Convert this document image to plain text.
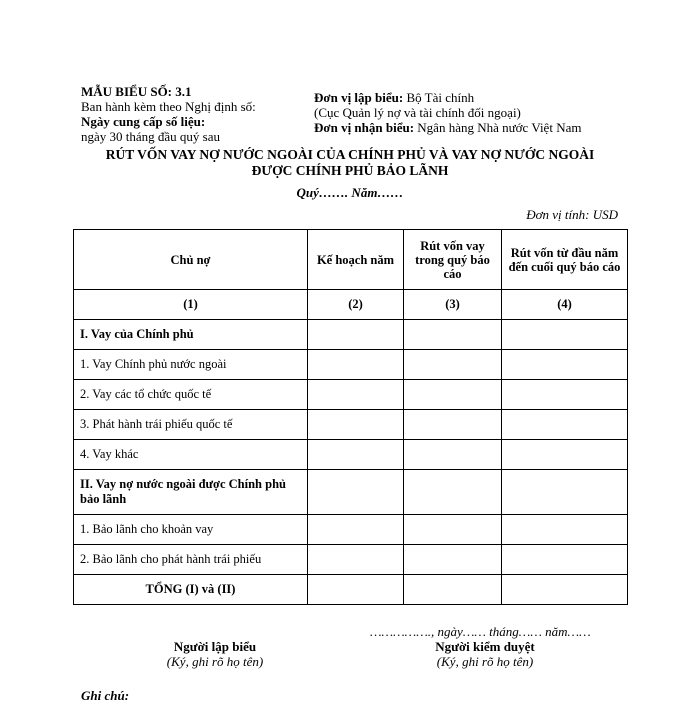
MẪU BIỂU SỐ: 3.1
Ban hành kèm theo Nghị định số:
Ngày cung cấp số liệu:
ngày 30 tháng đầu quý sau
Đơn vị lập biểu: Bộ Tài chính
(Cục Quản lý nợ và tài chính đối ngoại)
Đơn vị nhận biểu: Ngân hàng Nhà nước Việt Nam
RÚT VỐN VAY NỢ NƯỚC NGOÀI CỦA CHÍNH PHỦ VÀ VAY NỢ NƯỚC NGOÀI
ĐƯỢC CHÍNH PHỦ BẢO LÃNH
Quý……. Năm……
Đơn vị tính: USD
Chủ nợ	Kế hoạch năm	Rút vốn vay trong quý báo cáo	Rút vốn từ đầu năm đến cuối quý báo cáo
(1)	(2)	(3)	(4)
I. Vay của Chính phủ			
1. Vay Chính phủ nước ngoài			
2. Vay các tổ chức quốc tế			
3. Phát hành trái phiếu quốc tế			
4. Vay khác			
II. Vay nợ nước ngoài được Chính phủ bảo lãnh			
1. Bảo lãnh cho khoản vay			
2. Bảo lãnh cho phát hành trái phiếu			
TỔNG (I) và (II)			
……………., ngày…… tháng…… năm……
Người lập biểu
(Ký, ghi rõ họ tên)
Người kiểm duyệt
(Ký, ghi rõ họ tên)
Ghi chú:
